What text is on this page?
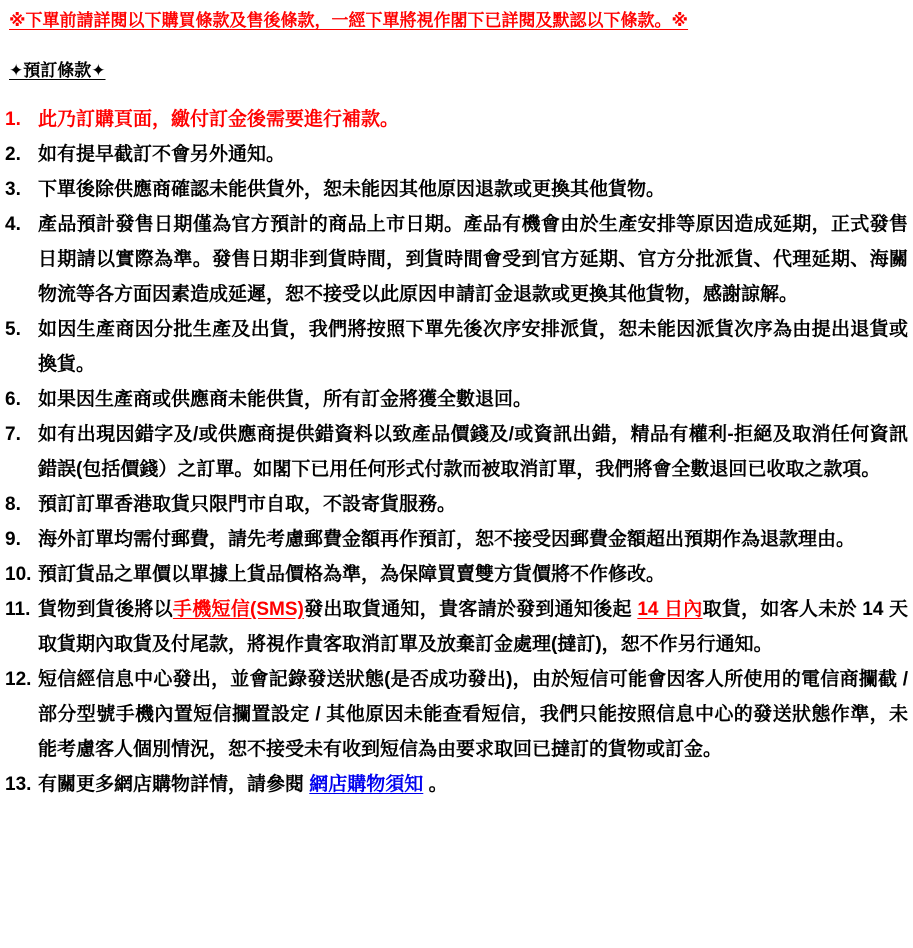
※下單前請詳閱以下購買條款及售後條款，一經下單將視作閣下已詳閱及默認以下條款。※

✦預訂條款✦

1. 此乃訂購頁面，繳付訂金後需要進行補款。
2. 如有提早截訂不會另外通知。
3. 下單後除供應商確認未能供貨外，恕未能因其他原因退款或更換其他貨物。
4. 產品預計發售日期僅為官方預計的商品上市日期。產品有機會由於生產安排等原因造成延期，正式發售日期請以實際為準。發售日期非到貨時間，到貨時間會受到官方延期、官方分批派貨、代理延期、海關物流等各方面因素造成延遲，恕不接受以此原因申請訂金退款或更換其他貨物，感謝諒解。
5. 如因生產商因分批生產及出貨，我們將按照下單先後次序安排派貨，恕未能因派貨次序為由提出退貨或換貨。
6. 如果因生產商或供應商未能供貨，所有訂金將獲全數退回。
7. 如有出現因錯字及/或供應商提供錯資料以致產品價錢及/或資訊出錯，精品有權利-拒絕及取消任何資訊錯誤(包括價錢）之訂單。如閣下已用任何形式付款而被取消訂單，我們將會全數退回已收取之款項。
8. 預訂訂單香港取貨只限門市自取，不設寄貨服務。
9. 海外訂單均需付郵費，請先考慮郵費金額再作預訂，恕不接受因郵費金額超出預期作為退款理由。
10. 預訂貨品之單價以單據上貨品價格為準，為保障買賣雙方貨價將不作修改。
11. 貨物到貨後將以手機短信(SMS)發出取貨通知，貴客請於發到通知後起 14 日內取貨，如客人未於 14 天取貨期內取貨及付尾款，將視作貴客取消訂單及放棄訂金處理(撻訂)，恕不作另行通知。
12. 短信經信息中心發出，並會記錄發送狀態(是否成功發出)，由於短信可能會因客人所使用的電信商攔截 / 部分型號手機內置短信攔置設定 / 其他原因未能查看短信，我們只能按照信息中心的發送狀態作準，未能考慮客人個別情況，恕不接受未有收到短信為由要求取回已撻訂的貨物或訂金。
13. 有關更多網店購物詳情，請參閱 網店購物須知 。
